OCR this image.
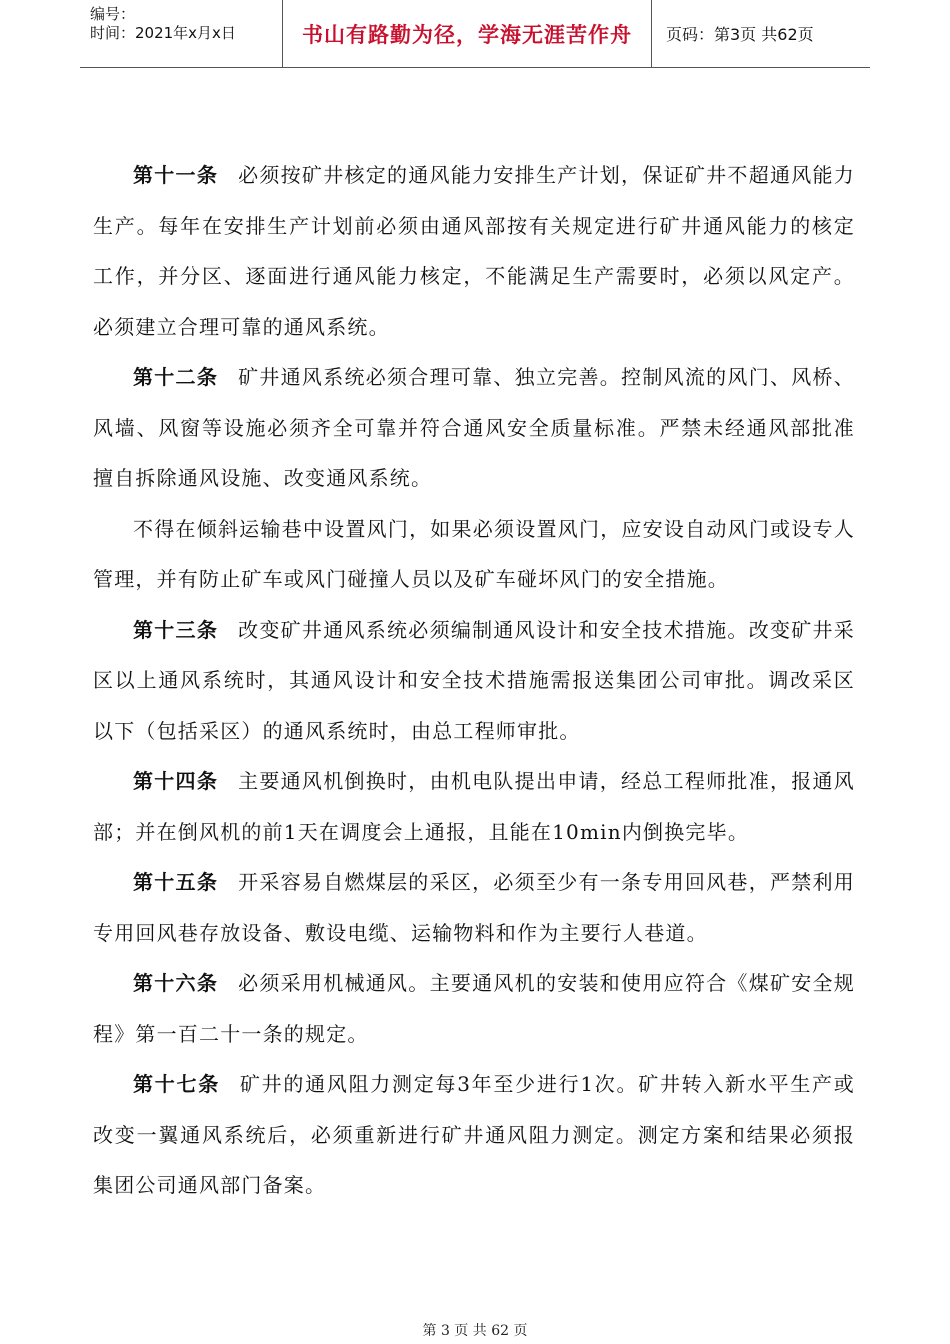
编号：
时间：2021年x月x日	书山有路勤为径，学海无涯苦作舟	页码：第3页 共62页

第十一条 必须按矿井核定的通风能力安排生产计划，保证矿井不超通风能力生产。每年在安排生产计划前必须由通风部按有关规定进行矿井通风能力的核定工作，并分区、逐面进行通风能力核定，不能满足生产需要时，必须以风定产。必须建立合理可靠的通风系统。

第十二条 矿井通风系统必须合理可靠、独立完善。控制风流的风门、风桥、风墙、风窗等设施必须齐全可靠并符合通风安全质量标准。严禁未经通风部批准擅自拆除通风设施、改变通风系统。

不得在倾斜运输巷中设置风门，如果必须设置风门，应安设自动风门或设专人管理，并有防止矿车或风门碰撞人员以及矿车碰坏风门的安全措施。

第十三条 改变矿井通风系统必须编制通风设计和安全技术措施。改变矿井采区以上通风系统时，其通风设计和安全技术措施需报送集团公司审批。调改采区以下（包括采区）的通风系统时，由总工程师审批。

第十四条 主要通风机倒换时，由机电队提出申请，经总工程师批准，报通风部；并在倒风机的前1天在调度会上通报，且能在10min内倒换完毕。

第十五条 开采容易自燃煤层的采区，必须至少有一条专用回风巷，严禁利用专用回风巷存放设备、敷设电缆、运输物料和作为主要行人巷道。

第十六条 必须采用机械通风。主要通风机的安装和使用应符合《煤矿安全规程》第一百二十一条的规定。

第十七条 矿井的通风阻力测定每3年至少进行1次。矿井转入新水平生产或改变一翼通风系统后，必须重新进行矿井通风阻力测定。测定方案和结果必须报集团公司通风部门备案。

第 3 页 共 62 页
